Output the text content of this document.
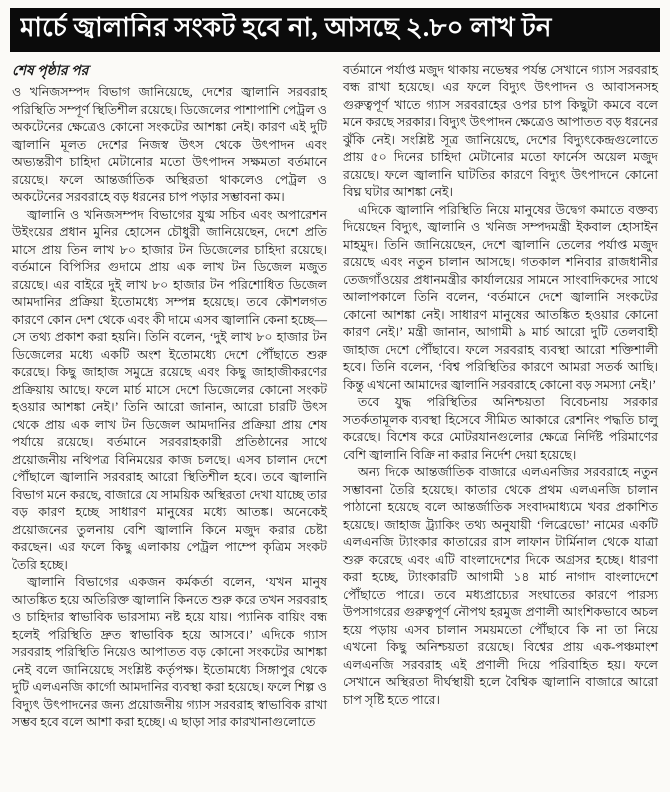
মার্চে জ্বালানির সংকট হবে না, আসছে ২.৮০ লাখ টন
শেষ পৃষ্ঠার পর

ও খনিজসম্পদ বিভাগ জানিয়েছে, দেশের জ্বালানি সরবরাহ পরিস্থিতি সম্পূর্ণ স্থিতিশীল রয়েছে। ডিজেলের পাশাপাশি পেট্রল ও অকটেনের ক্ষেত্রেও কোনো সংকটের আশঙ্কা নেই। কারণ এই দুটি জ্বালানি মূলত দেশের নিজস্ব উৎস থেকে উৎপাদন এবং অভ্যন্তরীণ চাহিদা মেটানোর মতো উৎপাদন সক্ষমতা বর্তমানে রয়েছে। ফলে আন্তর্জাতিক অস্থিরতা থাকলেও পেট্রল ও অকটেনের সরবরাহে বড় ধরনের চাপ পড়ার সম্ভাবনা কম।

জ্বালানি ও খনিজসম্পদ বিভাগের যুগ্ম সচিব এবং অপারেশন উইংয়ের প্রধান মুনির হোসেন চৌধুরী জানিয়েছেন, দেশে প্রতি মাসে প্রায় তিন লাখ ৮০ হাজার টন ডিজেলের চাহিদা রয়েছে। বর্তমানে বিপিসির গুদামে প্রায় এক লাখ টন ডিজেল মজুত রয়েছে। এর বাইরে দুই লাখ ৮০ হাজার টন পরিশোধিত ডিজেল আমদানির প্রক্রিয়া ইতোমধ্যে সম্পন্ন হয়েছে। তবে কৌশলগত কারণে কোন দেশ থেকে এবং কী দামে এসব জ্বালানি কেনা হচ্ছে— সে তথ্য প্রকাশ করা হয়নি। তিনি বলেন, ‘দুই লাখ ৮০ হাজার টন ডিজেলের মধ্যে একটি অংশ ইতোমধ্যে দেশে পৌঁছাতে শুরু করেছে। কিছু জাহাজ সমুদ্রে রয়েছে এবং কিছু জাহাজীকরণের প্রক্রিয়ায় আছে। ফলে মার্চ মাসে দেশে ডিজেলের কোনো সংকট হওয়ার আশঙ্কা নেই।’ তিনি আরো জানান, আরো চারটি উৎস থেকে প্রায় এক লাখ টন ডিজেল আমদানির প্রক্রিয়া প্রায় শেষ পর্যায়ে রয়েছে। বর্তমানে সরবরাহকারী প্রতিষ্ঠানের সাথে প্রয়োজনীয় নথিপত্র বিনিময়ের কাজ চলছে। এসব চালান দেশে পৌঁছালে জ্বালানি সরবরাহ আরো স্থিতিশীল হবে। তবে জ্বালানি বিভাগ মনে করছে, বাজারে যে সাময়িক অস্থিরতা দেখা যাচ্ছে তার বড় কারণ হচ্ছে সাধারণ মানুষের মধ্যে আতঙ্ক। অনেকেই প্রয়োজনের তুলনায় বেশি জ্বালানি কিনে মজুদ করার চেষ্টা করছেন। এর ফলে কিছু এলাকায় পেট্রল পাম্পে কৃত্রিম সংকট তৈরি হচ্ছে।

জ্বালানি বিভাগের একজন কর্মকর্তা বলেন, ‘যখন মানুষ আতঙ্কিত হয়ে অতিরিক্ত জ্বালানি কিনতে শুরু করে তখন সরবরাহ ও চাহিদার স্বাভাবিক ভারসাম্য নষ্ট হয়ে যায়। প্যানিক বায়িং বন্ধ হলেই পরিস্থিতি দ্রুত স্বাভাবিক হয়ে আসবে।’ এদিকে গ্যাস সরবরাহ পরিস্থিতি নিয়েও আপাতত বড় কোনো সংকটের আশঙ্কা নেই বলে জানিয়েছে সংশ্লিষ্ট কর্তৃপক্ষ। ইতোমধ্যে সিঙ্গাপুর থেকে দুটি এলএনজি কার্গো আমদানির ব্যবস্থা করা হয়েছে। ফলে শিল্প ও বিদ্যুৎ উৎপাদনের জন্য প্রয়োজনীয় গ্যাস সরবরাহ স্বাভাবিক রাখা সম্ভব হবে বলে আশা করা হচ্ছে। এ ছাড়া সার কারখানাগুলোতে

বর্তমানে পর্যাপ্ত মজুদ থাকায় নভেম্বর পর্যন্ত সেখানে গ্যাস সরবরাহ বন্ধ রাখা হয়েছে। এর ফলে বিদ্যুৎ উৎপাদন ও আবাসনসহ গুরুত্বপূর্ণ খাতে গ্যাস সরবরাহের ওপর চাপ কিছুটা কমবে বলে মনে করছে সরকার। বিদ্যুৎ উৎপাদন ক্ষেত্রেও আপাতত বড় ধরনের ঝুঁকি নেই। সংশ্লিষ্ট সূত্র জানিয়েছে, দেশের বিদ্যুৎকেন্দ্রগুলোতে প্রায় ৫০ দিনের চাহিদা মেটানোর মতো ফার্নেস অয়েল মজুদ রয়েছে। ফলে জ্বালানি ঘাটতির কারণে বিদ্যুৎ উৎপাদনে কোনো বিঘ্ন ঘটার আশঙ্কা নেই।

এদিকে জ্বালানি পরিস্থিতি নিয়ে মানুষের উদ্বেগ কমাতে বক্তব্য দিয়েছেন বিদ্যুৎ, জ্বালানি ও খনিজ সম্পদমন্ত্রী ইকবাল হোসাইন মাহমুদ। তিনি জানিয়েছেন, দেশে জ্বালানি তেলের পর্যাপ্ত মজুদ রয়েছে এবং নতুন চালান আসছে। গতকাল শনিবার রাজধানীর তেজগাঁওয়ের প্রধানমন্ত্রীর কার্যালয়ের সামনে সাংবাদিকদের সাথে আলাপকালে তিনি বলেন, ‘বর্তমানে দেশে জ্বালানি সংকটের কোনো আশঙ্কা নেই। সাধারণ মানুষের আতঙ্কিত হওয়ার কোনো কারণ নেই।’ মন্ত্রী জানান, আগামী ৯ মার্চ আরো দুটি তেলবাহী জাহাজ দেশে পৌঁছাবে। ফলে সরবরাহ ব্যবস্থা আরো শক্তিশালী হবে। তিনি বলেন, ‘বিশ্ব পরিস্থিতির কারণে আমরা সতর্ক আছি। কিন্তু এখনো আমাদের জ্বালানি সরবরাহে কোনো বড় সমস্যা নেই।’

তবে যুদ্ধ পরিস্থিতির অনিশ্চয়তা বিবেচনায় সরকার সতর্কতামূলক ব্যবস্থা হিসেবে সীমিত আকারে রেশনিং পদ্ধতি চালু করেছে। বিশেষ করে মোটরযানগুলোর ক্ষেত্রে নির্দিষ্ট পরিমাণের বেশি জ্বালানি বিক্রি না করার নির্দেশ দেয়া হয়েছে।

অন্য দিকে আন্তর্জাতিক বাজারে এলএনজির সরবরাহে নতুন সম্ভাবনা তৈরি হয়েছে। কাতার থেকে প্রথম এলএনজি চালান পাঠানো হয়েছে বলে আন্তর্জাতিক সংবাদমাধ্যমে খবর প্রকাশিত হয়েছে। জাহাজ ট্র্যাকিং তথ্য অনুযায়ী ‘লিব্রেভো’ নামের একটি এলএনজি ট্যাংকার কাতারের রাস লাফান টার্মিনাল থেকে যাত্রা শুরু করেছে এবং এটি বাংলাদেশের দিকে অগ্রসর হচ্ছে। ধারণা করা হচ্ছে, ট্যাংকারটি আগামী ১৪ মার্চ নাগাদ বাংলাদেশে পৌঁছাতে পারে। তবে মধ্যপ্রাচ্যের সংঘাতের কারণে পারস্য উপসাগরের গুরুত্বপূর্ণ নৌপথ হরমুজ প্রণালী আংশিকভাবে অচল হয়ে পড়ায় এসব চালান সময়মতো পৌঁছাবে কি না তা নিয়ে এখনো কিছু অনিশ্চয়তা রয়েছে। বিশ্বের প্রায় এক-পঞ্চমাংশ এলএনজি সরবরাহ এই প্রণালী দিয়ে পরিবাহিত হয়। ফলে সেখানে অস্থিরতা দীর্ঘস্থায়ী হলে বৈশ্বিক জ্বালানি বাজারে আরো চাপ সৃষ্টি হতে পারে।
